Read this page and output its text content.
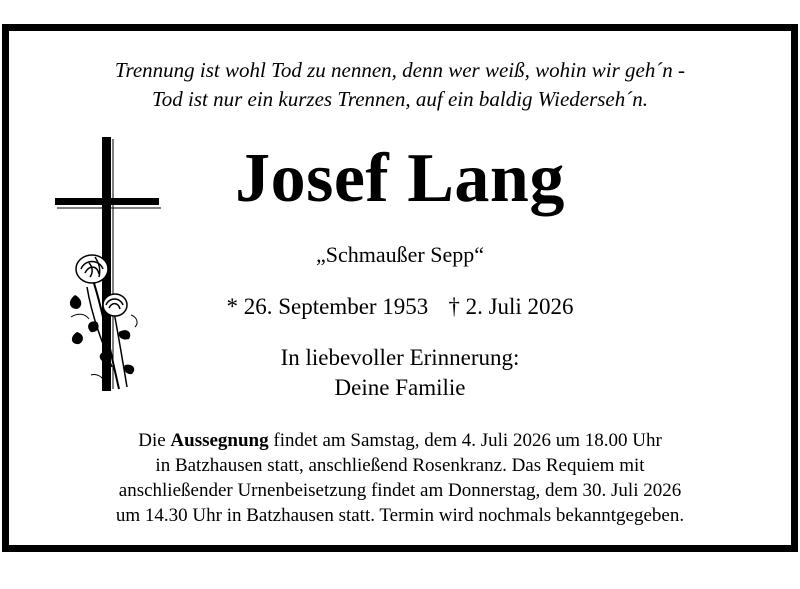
Trennung ist wohl Tod zu nennen, denn wer weiß, wohin wir geh´n -
Tod ist nur ein kurzes Trennen, auf ein baldig Wiederseh´n.
Josef Lang
„Schmaußer Sepp“
* 26. September 1953 † 2. Juli 2026
In liebevoller Erinnerung:
Deine Familie
Die Aussegnung findet am Samstag, dem 4. Juli 2026 um 18.00 Uhr
in Batzhausen statt, anschließend Rosenkranz. Das Requiem mit
anschließender Urnenbeisetzung findet am Donnerstag, dem 30. Juli 2026
um 14.30 Uhr in Batzhausen statt. Termin wird nochmals bekanntgegeben.
